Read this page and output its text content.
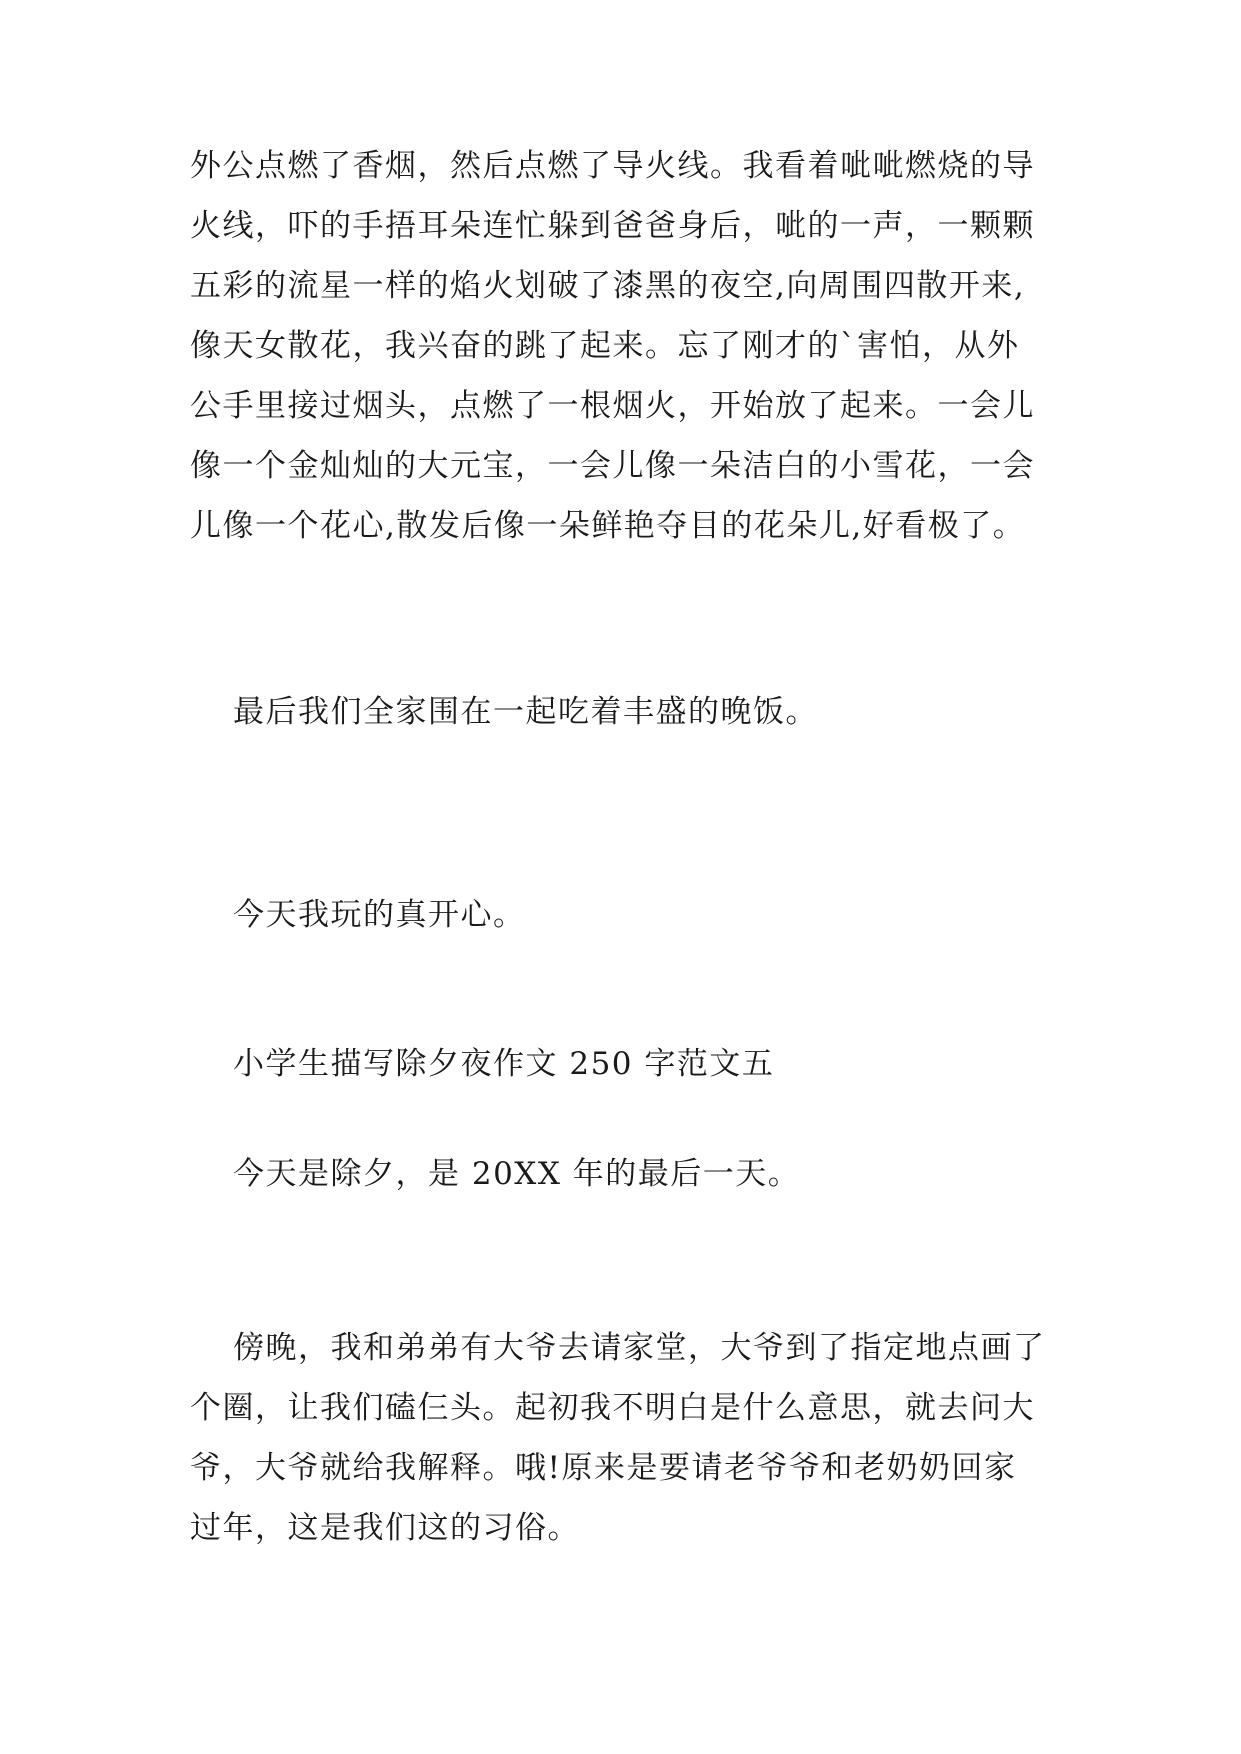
外公点燃了香烟，然后点燃了导火线。我看着呲呲燃烧的导
火线，吓的手捂耳朵连忙躲到爸爸身后，呲的一声，一颗颗
五彩的流星一样的焰火划破了漆黑的夜空,向周围四散开来,
像天女散花，我兴奋的跳了起来。忘了刚才的`害怕，从外
公手里接过烟头，点燃了一根烟火，开始放了起来。一会儿
像一个金灿灿的大元宝，一会儿像一朵洁白的小雪花，一会
儿像一个花心,散发后像一朵鲜艳夺目的花朵儿,好看极了。

最后我们全家围在一起吃着丰盛的晚饭。

今天我玩的真开心。

小学生描写除夕夜作文 250 字范文五

今天是除夕，是 20XX 年的最后一天。

傍晚，我和弟弟有大爷去请家堂，大爷到了指定地点画了
个圈，让我们磕仨头。起初我不明白是什么意思，就去问大
爷，大爷就给我解释。哦!原来是要请老爷爷和老奶奶回家
过年，这是我们这的习俗。
